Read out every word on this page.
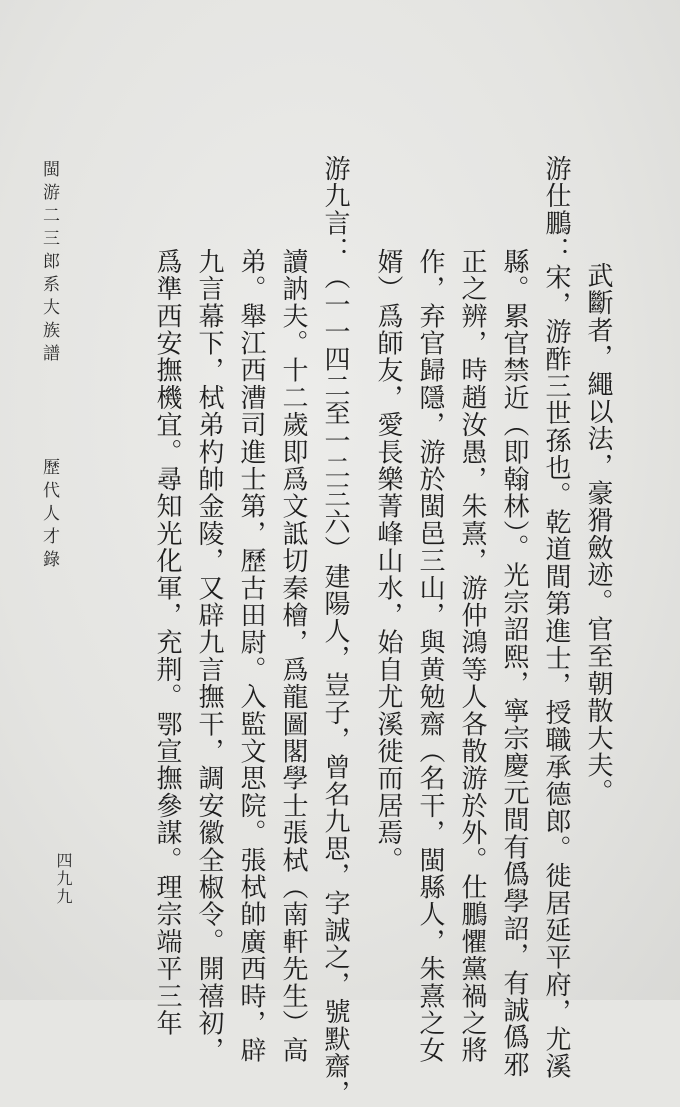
閩游二三郎系大族譜
歷代人才錄
四九九
武斷者，繩以法，豪猾斂迹。官至朝散大夫。
游仕鵬：宋，游酢三世孫也。乾道間第進士，授職承德郎。徙居延平府，尤溪
縣。累官禁近（即翰林）。光宗詔熙，寧宗慶元間有僞學詔，有誠僞邪
正之辨，時趙汝愚，朱熹，游仲鴻等人各散游於外。仕鵬懼黨禍之將
作，弃官歸隱，游於閩邑三山，與黄勉齋（名干，閩縣人，朱熹之女
婿）爲師友，愛長樂菁峰山水，始自尤溪徙而居焉。
游九言：（一一四二至一二三六）建陽人，豈子，曾名九思，字誠之，號默齋，
讀訥夫。十二歲即爲文詆切秦檜，爲龍圖閣學士張栻（南軒先生）高
弟。舉江西漕司進士第，歷古田尉。入監文思院。張栻帥廣西時，辟
九言幕下，栻弟杓帥金陵，又辟九言撫干，調安徽全椒令。開禧初，
爲準西安撫機宜。尋知光化軍，充荆。鄂宣撫參謀。理宗端平三年
